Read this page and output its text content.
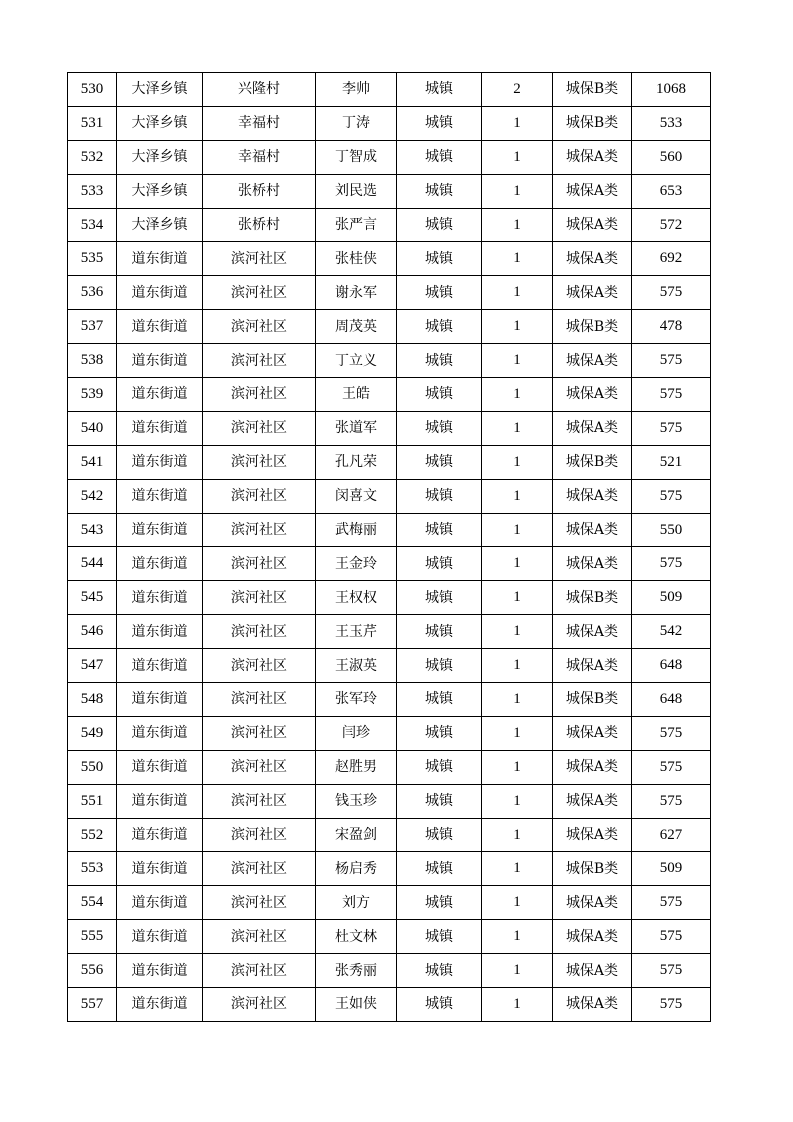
530	大泽乡镇	兴隆村	李帅	城镇	2	城保B类	1068
531	大泽乡镇	幸福村	丁涛	城镇	1	城保B类	533
532	大泽乡镇	幸福村	丁智成	城镇	1	城保A类	560
533	大泽乡镇	张桥村	刘民选	城镇	1	城保A类	653
534	大泽乡镇	张桥村	张严言	城镇	1	城保A类	572
535	道东街道	滨河社区	张桂侠	城镇	1	城保A类	692
536	道东街道	滨河社区	谢永军	城镇	1	城保A类	575
537	道东街道	滨河社区	周茂英	城镇	1	城保B类	478
538	道东街道	滨河社区	丁立义	城镇	1	城保A类	575
539	道东街道	滨河社区	王皓	城镇	1	城保A类	575
540	道东街道	滨河社区	张道军	城镇	1	城保A类	575
541	道东街道	滨河社区	孔凡荣	城镇	1	城保B类	521
542	道东街道	滨河社区	闵喜文	城镇	1	城保A类	575
543	道东街道	滨河社区	武梅丽	城镇	1	城保A类	550
544	道东街道	滨河社区	王金玲	城镇	1	城保A类	575
545	道东街道	滨河社区	王权权	城镇	1	城保B类	509
546	道东街道	滨河社区	王玉芹	城镇	1	城保A类	542
547	道东街道	滨河社区	王淑英	城镇	1	城保A类	648
548	道东街道	滨河社区	张军玲	城镇	1	城保B类	648
549	道东街道	滨河社区	闫珍	城镇	1	城保A类	575
550	道东街道	滨河社区	赵胜男	城镇	1	城保A类	575
551	道东街道	滨河社区	钱玉珍	城镇	1	城保A类	575
552	道东街道	滨河社区	宋盈剑	城镇	1	城保A类	627
553	道东街道	滨河社区	杨启秀	城镇	1	城保B类	509
554	道东街道	滨河社区	刘方	城镇	1	城保A类	575
555	道东街道	滨河社区	杜文林	城镇	1	城保A类	575
556	道东街道	滨河社区	张秀丽	城镇	1	城保A类	575
557	道东街道	滨河社区	王如侠	城镇	1	城保A类	575
